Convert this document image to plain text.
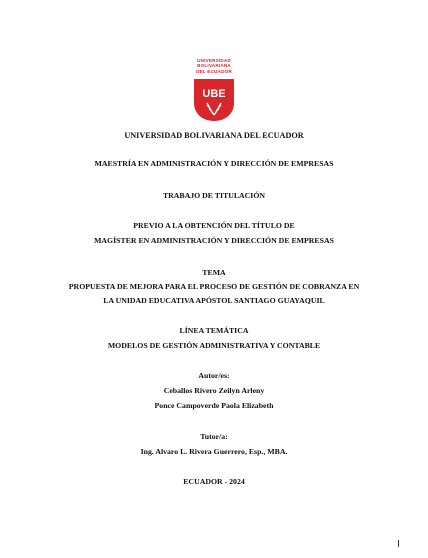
UNIVERSIDAD
BOLIVARIANA
DEL ECUADOR
UBE
UNIVERSIDAD BOLIVARIANA DEL ECUADOR
MAESTRÍA EN ADMINISTRACIÓN Y DIRECCIÓN DE EMPRESAS
TRABAJO DE TITULACIÓN
PREVIO A LA OBTENCIÓN DEL TÍTULO DE
MAGÍSTER EN ADMINISTRACIÓN Y DIRECCIÓN DE EMPRESAS
TEMA
PROPUESTA DE MEJORA PARA EL PROCESO DE GESTIÓN DE COBRANZA EN
LA UNIDAD EDUCATIVA APÓSTOL SANTIAGO GUAYAQUIL
LÍNEA TEMÁTICA
MODELOS DE GESTIÓN ADMINISTRATIVA Y CONTABLE
Autor/es:
Ceballos Rivero Zeilyn Arleny
Ponce Campoverde Paola Elizabeth
Tutor/a:
Ing. Alvaro L. Rivera Guerrero, Esp., MBA.
ECUADOR - 2024
